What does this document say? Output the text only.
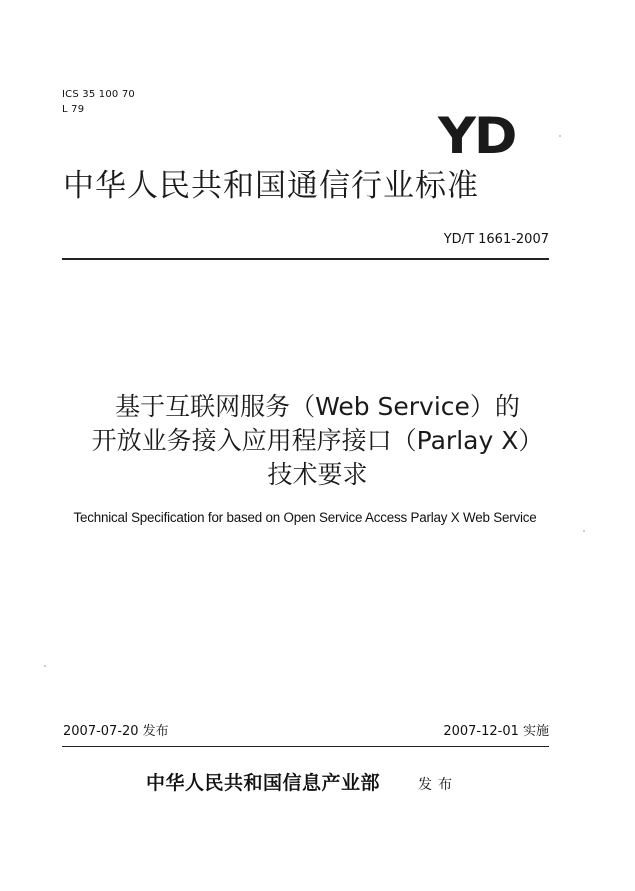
ICS 35 100 70
L 79	YD
中华人民共和国通信行业标准
YD/T 1661-2007
基于互联网服务（Web Service）的
开放业务接入应用程序接口（Parlay X）
技术要求
Technical Specification for based on Open Service Access Parlay X Web Service
2007-07-20 发布	2007-12-01 实施
中华人民共和国信息产业部	发布
